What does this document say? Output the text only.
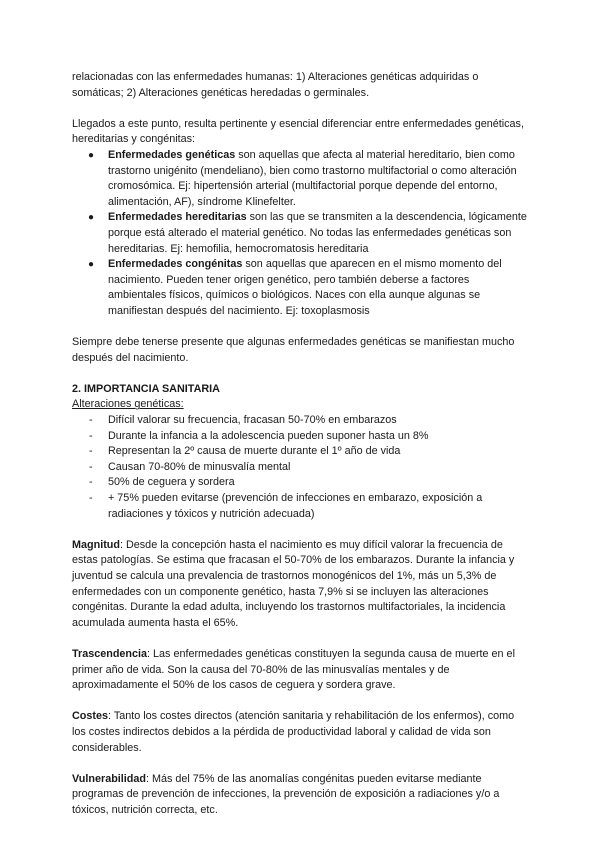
relacionadas con las enfermedades humanas: 1) Alteraciones genéticas adquiridas o somáticas; 2) Alteraciones genéticas heredadas o germinales.

Llegados a este punto, resulta pertinente y esencial diferenciar entre enfermedades genéticas, hereditarias y congénitas:

● Enfermedades genéticas son aquellas que afecta al material hereditario, bien como trastorno unigénito (mendeliano), bien como trastorno multifactorial o como alteración cromosómica. Ej: hipertensión arterial (multifactorial porque depende del entorno, alimentación, AF), síndrome Klinefelter.
● Enfermedades hereditarias son las que se transmiten a la descendencia, lógicamente porque está alterado el material genético. No todas las enfermedades genéticas son hereditarias. Ej: hemofilia, hemocromatosis hereditaria
● Enfermedades congénitas son aquellas que aparecen en el mismo momento del nacimiento. Pueden tener origen genético, pero también deberse a factores ambientales físicos, químicos o biológicos. Naces con ella aunque algunas se manifiestan después del nacimiento. Ej: toxoplasmosis

Siempre debe tenerse presente que algunas enfermedades genéticas se manifiestan mucho después del nacimiento.

2. IMPORTANCIA SANITARIA

Alteraciones genéticas:

- Difícil valorar su frecuencia, fracasan 50-70% en embarazos
- Durante la infancia a la adolescencia pueden suponer hasta un 8%
- Representan la 2º causa de muerte durante el 1º año de vida
- Causan 70-80% de minusvalía mental
- 50% de ceguera y sordera
- + 75% pueden evitarse (prevención de infecciones en embarazo, exposición a radiaciones y tóxicos y nutrición adecuada)

Magnitud: Desde la concepción hasta el nacimiento es muy difícil valorar la frecuencia de estas patologías. Se estima que fracasan el 50-70% de los embarazos. Durante la infancia y juventud se calcula una prevalencia de trastornos monogénicos del 1%, más un 5,3% de enfermedades con un componente genético, hasta 7,9% si se incluyen las alteraciones congénitas. Durante la edad adulta, incluyendo los trastornos multifactoriales, la incidencia acumulada aumenta hasta el 65%.

Trascendencia: Las enfermedades genéticas constituyen la segunda causa de muerte en el primer año de vida. Son la causa del 70-80% de las minusvalías mentales y de aproximadamente el 50% de los casos de ceguera y sordera grave.

Costes: Tanto los costes directos (atención sanitaria y rehabilitación de los enfermos), como los costes indirectos debidos a la pérdida de productividad laboral y calidad de vida son considerables.

Vulnerabilidad: Más del 75% de las anomalías congénitas pueden evitarse mediante programas de prevención de infecciones, la prevención de exposición a radiaciones y/o a tóxicos, nutrición correcta, etc.
